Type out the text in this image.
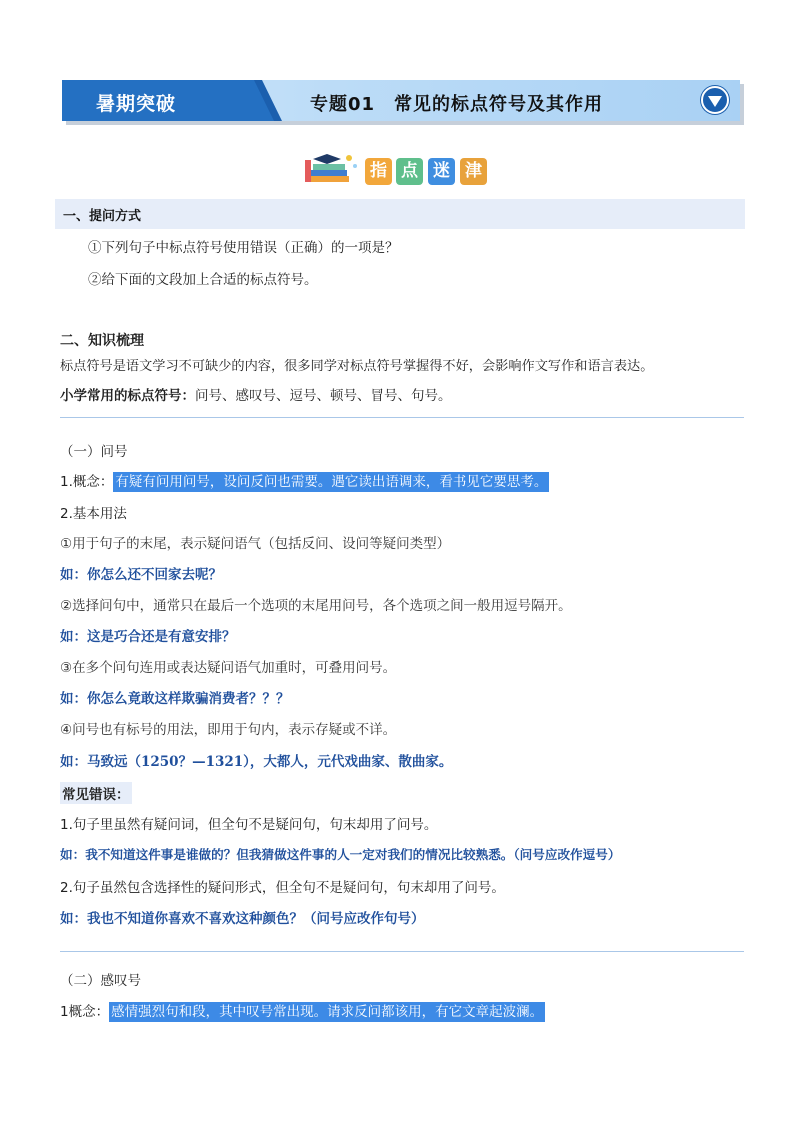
暑期突破	专题01　常见的标点符号及其作用
指 点 迷 津
一、提问方式
①下列句子中标点符号使用错误（正确）的一项是？
②给下面的文段加上合适的标点符号。
二、知识梳理
标点符号是语文学习不可缺少的内容，很多同学对标点符号掌握得不好，会影响作文写作和语言表达。
小学常用的标点符号：问号、感叹号、逗号、顿号、冒号、句号。
（一）问号
1.概念： 有疑有问用问号，设问反问也需要。遇它读出语调来，看书见它要思考。
2.基本用法
①用于句子的末尾，表示疑问语气（包括反问、设问等疑问类型）
如：你怎么还不回家去呢？
②选择问句中，通常只在最后一个选项的末尾用问号，各个选项之间一般用逗号隔开。
如：这是巧合还是有意安排？
③在多个问句连用或表达疑问语气加重时，可叠用问号。
如：你怎么竟敢这样欺骗消费者？？？
④问号也有标号的用法，即用于句内，表示存疑或不详。
如：马致远（1250？—1321），大都人，元代戏曲家、散曲家。
常见错误：
1.句子里虽然有疑问词，但全句不是疑问句，句末却用了问号。
如：我不知道这件事是谁做的？但我猜做这件事的人一定对我们的情况比较熟悉。（问号应改作逗号）
2.句子虽然包含选择性的疑问形式，但全句不是疑问句，句末却用了问号。
如：我也不知道你喜欢不喜欢这种颜色？（问号应改作句号）
（二）感叹号
1概念： 感情强烈句和段，其中叹号常出现。请求反问都该用，有它文章起波澜。
